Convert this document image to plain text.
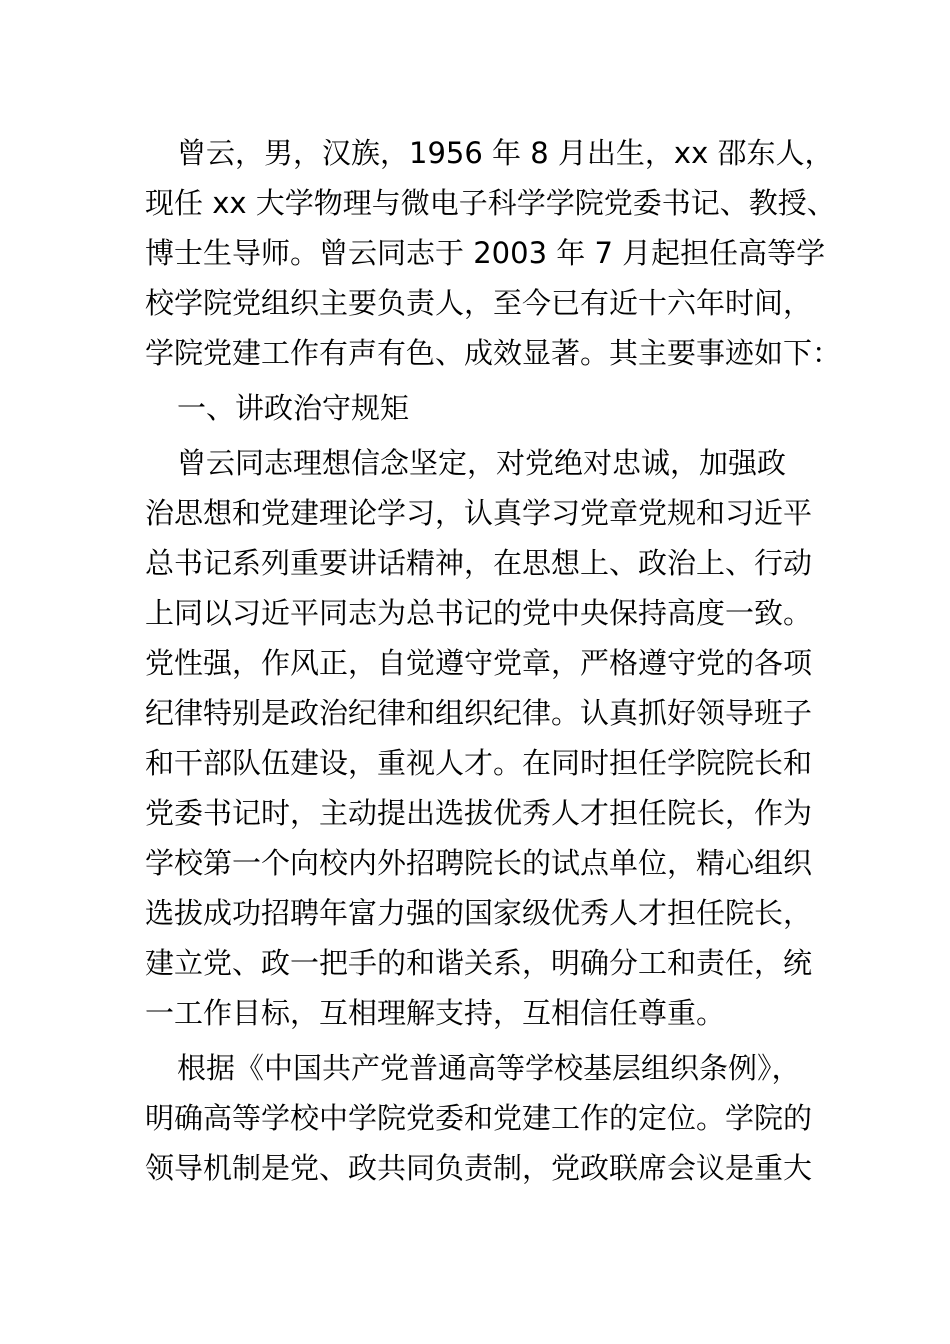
曾云，男，汉族，1956 年 8 月出生，xx 邵东人，
现任 xx 大学物理与微电子科学学院党委书记、教授、
博士生导师。曾云同志于 2003 年 7 月起担任高等学
校学院党组织主要负责人，至今已有近十六年时间，
学院党建工作有声有色、成效显著。其主要事迹如下：
一、讲政治守规矩
曾云同志理想信念坚定，对党绝对忠诚，加强政
治思想和党建理论学习，认真学习党章党规和习近平
总书记系列重要讲话精神，在思想上、政治上、行动
上同以习近平同志为总书记的党中央保持高度一致。
党性强，作风正，自觉遵守党章，严格遵守党的各项
纪律特别是政治纪律和组织纪律。认真抓好领导班子
和干部队伍建设，重视人才。在同时担任学院院长和
党委书记时，主动提出选拔优秀人才担任院长，作为
学校第一个向校内外招聘院长的试点单位，精心组织
选拔成功招聘年富力强的国家级优秀人才担任院长，
建立党、政一把手的和谐关系，明确分工和责任，统
一工作目标，互相理解支持，互相信任尊重。
根据《中国共产党普通高等学校基层组织条例》，
明确高等学校中学院党委和党建工作的定位。学院的
领导机制是党、政共同负责制，党政联席会议是重大
